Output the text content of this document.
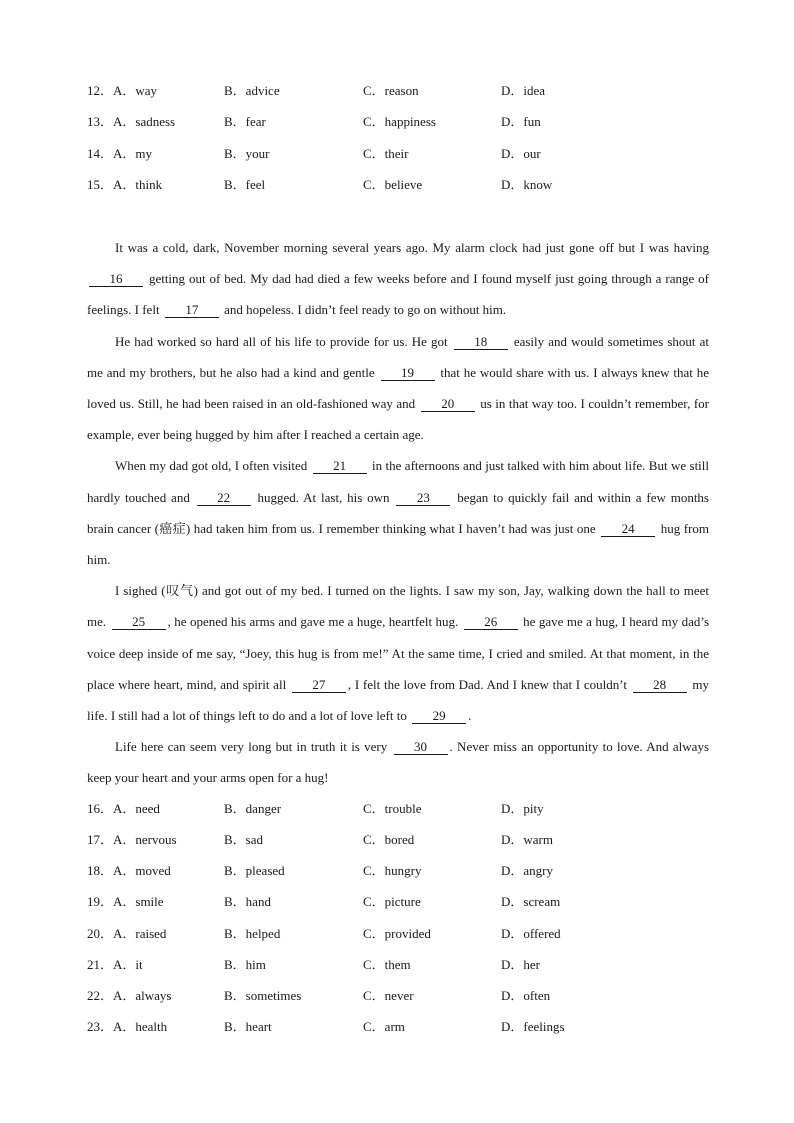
12．A．way	B．advice	C．reason	D．idea
13．A．sadness	B．fear	C．happiness	D．fun
14．A．my	B．your	C．their	D．our
15．A．think	B．feel	C．believe	D．know

It was a cold, dark, November morning several years ago. My alarm clock had just gone off but I was having 16 getting out of bed. My dad had died a few weeks before and I found myself just going through a range of feelings. I felt 17 and hopeless. I didn’t feel ready to go on without him.

He had worked so hard all of his life to provide for us. He got 18 easily and would sometimes shout at me and my brothers, but he also had a kind and gentle 19 that he would share with us. I always knew that he loved us. Still, he had been raised in an old-fashioned way and 20 us in that way too. I couldn’t remember, for example, ever being hugged by him after I reached a certain age.

When my dad got old, I often visited 21 in the afternoons and just talked with him about life. But we still hardly touched and 22 hugged. At last, his own 23 began to quickly fail and within a few months brain cancer (癌症) had taken him from us. I remember thinking what I haven’t had was just one 24 hug from him.

I sighed (叹气) and got out of my bed. I turned on the lights. I saw my son, Jay, walking down the hall to meet me. 25 , he opened his arms and gave me a huge, heartfelt hug. 26 he gave me a hug, I heard my dad’s voice deep inside of me say, “Joey, this hug is from me!” At the same time, I cried and smiled. At that moment, in the place where heart, mind, and spirit all 27 , I felt the love from Dad. And I knew that I couldn’t 28 my life. I still had a lot of things left to do and a lot of love left to 29 .

Life here can seem very long but in truth it is very 30 . Never miss an opportunity to love. And always keep your heart and your arms open for a hug!

16．A．need	B．danger	C．trouble	D．pity
17．A．nervous	B．sad	C．bored	D．warm
18．A．moved	B．pleased	C．hungry	D．angry
19．A．smile	B．hand	C．picture	D．scream
20．A．raised	B．helped	C．provided	D．offered
21．A．it	B．him	C．them	D．her
22．A．always	B．sometimes	C．never	D．often
23．A．health	B．heart	C．arm	D．feelings
